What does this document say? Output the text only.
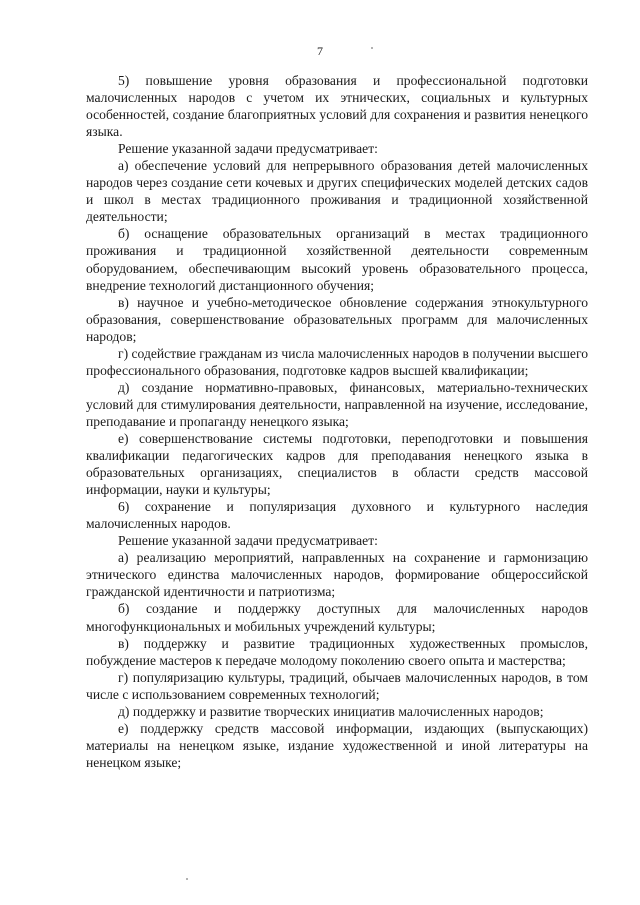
7

5) повышение уровня образования и профессиональной подготовки малочисленных народов с учетом их этнических, социальных и культурных особенностей, создание благоприятных условий для сохранения и развития ненецкого языка.

Решение указанной задачи предусматривает:

а) обеспечение условий для непрерывного образования детей малочисленных народов через создание сети кочевых и других специфических моделей детских садов и школ в местах традиционного проживания и традиционной хозяйственной деятельности;

б) оснащение образовательных организаций в местах традиционного проживания и традиционной хозяйственной деятельности современным оборудованием, обеспечивающим высокий уровень образовательного процесса, внедрение технологий дистанционного обучения;

в) научное и учебно-методическое обновление содержания этнокультурного образования, совершенствование образовательных программ для малочисленных народов;

г) содействие гражданам из числа малочисленных народов в получении высшего профессионального образования, подготовке кадров высшей квалификации;

д) создание нормативно-правовых, финансовых, материально-технических условий для стимулирования деятельности, направленной на изучение, исследование, преподавание и пропаганду ненецкого языка;

е) совершенствование системы подготовки, переподготовки и повышения квалификации педагогических кадров для преподавания ненецкого языка в образовательных организациях, специалистов в области средств массовой информации, науки и культуры;

6) сохранение и популяризация духовного и культурного наследия малочисленных народов.

Решение указанной задачи предусматривает:

а) реализацию мероприятий, направленных на сохранение и гармонизацию этнического единства малочисленных народов, формирование общероссийской гражданской идентичности и патриотизма;

б) создание и поддержку доступных для малочисленных народов многофункциональных и мобильных учреждений культуры;

в) поддержку и развитие традиционных художественных промыслов, побуждение мастеров к передаче молодому поколению своего опыта и мастерства;

г) популяризацию культуры, традиций, обычаев малочисленных народов, в том числе с использованием современных технологий;

д) поддержку и развитие творческих инициатив малочисленных народов;

е) поддержку средств массовой информации, издающих (выпускающих) материалы на ненецком языке, издание художественной и иной литературы на ненецком языке;
